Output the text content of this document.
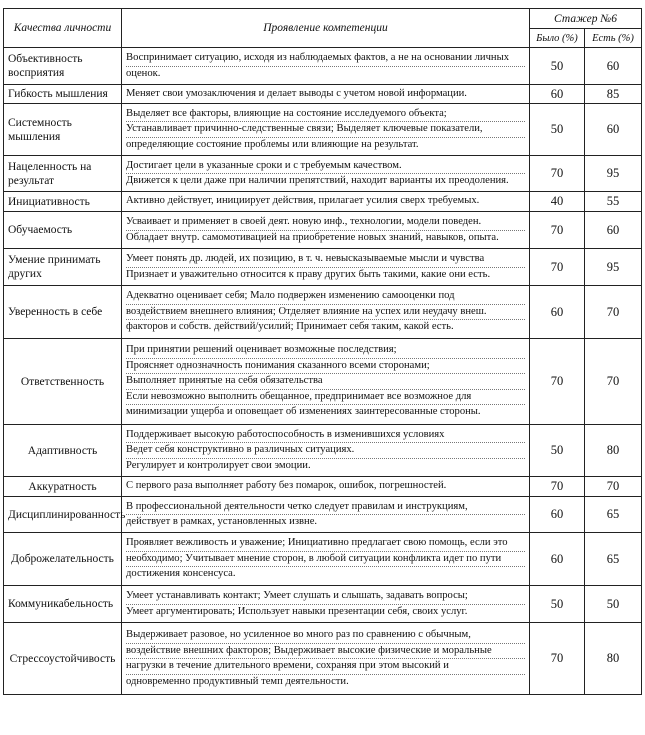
Качества личности	Проявление компетенции	Стажер №6	
		Было (%)	Есть (%)
Объективность восприятия	Воспринимает ситуацию, исходя из наблюдаемых фактов, а не на основании личных
оценок.	50	60
Гибкость мышления	Меняет свои умозаключения и делает выводы с учетом новой информации.	60	85
Системность мышления	Выделяет все факторы, влияющие на состояние исследуемого объекта;
Устанавливает причинно-следственные связи; Выделяет ключевые показатели,
определяющие состояние проблемы или влияющие на результат.	50	60
Нацеленность на результат	Достигает цели в указанные сроки и с требуемым качеством.
Движется к цели даже при наличии препятствий, находит варианты их преодоления.	70	95
Инициативность	Активно действует, инициирует действия, прилагает усилия сверх требуемых.	40	55
Обучаемость	Усваивает и применяет в своей деят. новую инф., технологии, модели поведен.
Обладает внутр. самомотивацией на приобретение новых знаний, навыков, опыта.	70	60
Умение принимать других	Умеет понять др. людей, их позицию, в т. ч. невысказываемые мысли и чувства
Признает и уважительно относится к праву других быть такими, какие они есть.	70	95
Уверенность в себе	Адекватно оценивает себя; Мало подвержен изменению самооценки под
воздействием внешнего влияния; Отделяет влияние на успех или неудачу внеш.
факторов и собств. действий/усилий; Принимает себя таким, какой есть.	60	70
Ответственность	При принятии решений оценивает возможные последствия;
Проясняет однозначность понимания сказанного всеми сторонами;
Выполняет принятые на себя обязательства
Если невозможно выполнить обещанное, предпринимает все возможное для
минимизации ущерба и оповещает об изменениях заинтересованные стороны.	70	70
Адаптивность	Поддерживает высокую работоспособность в изменившихся условиях
Ведет себя конструктивно в различных ситуациях.
Регулирует и контролирует свои эмоции.	50	80
Аккуратность	С первого раза выполняет работу без помарок, ошибок, погрешностей.	70	70
Дисциплинированность	В профессиональной деятельности четко следует правилам и инструкциям,
действует в рамках, установленных извне.	60	65
Доброжелательность	Проявляет вежливость и уважение; Инициативно предлагает свою помощь, если это
необходимо; Учитывает мнение сторон, в любой ситуации конфликта идет по пути
достижения консенсуса.	60	65
Коммуникабельность	Умеет устанавливать контакт; Умеет слушать и слышать, задавать вопросы;
Умеет аргументировать; Использует навыки презентации себя, своих услуг.	50	50
Стрессоустойчивость	Выдерживает разовое, но усиленное во много раз по сравнению с обычным,
воздействие внешних факторов; Выдерживает высокие физические и моральные
нагрузки в течение длительного времени, сохраняя при этом высокий и
одновременно продуктивный темп деятельности.	70	80
